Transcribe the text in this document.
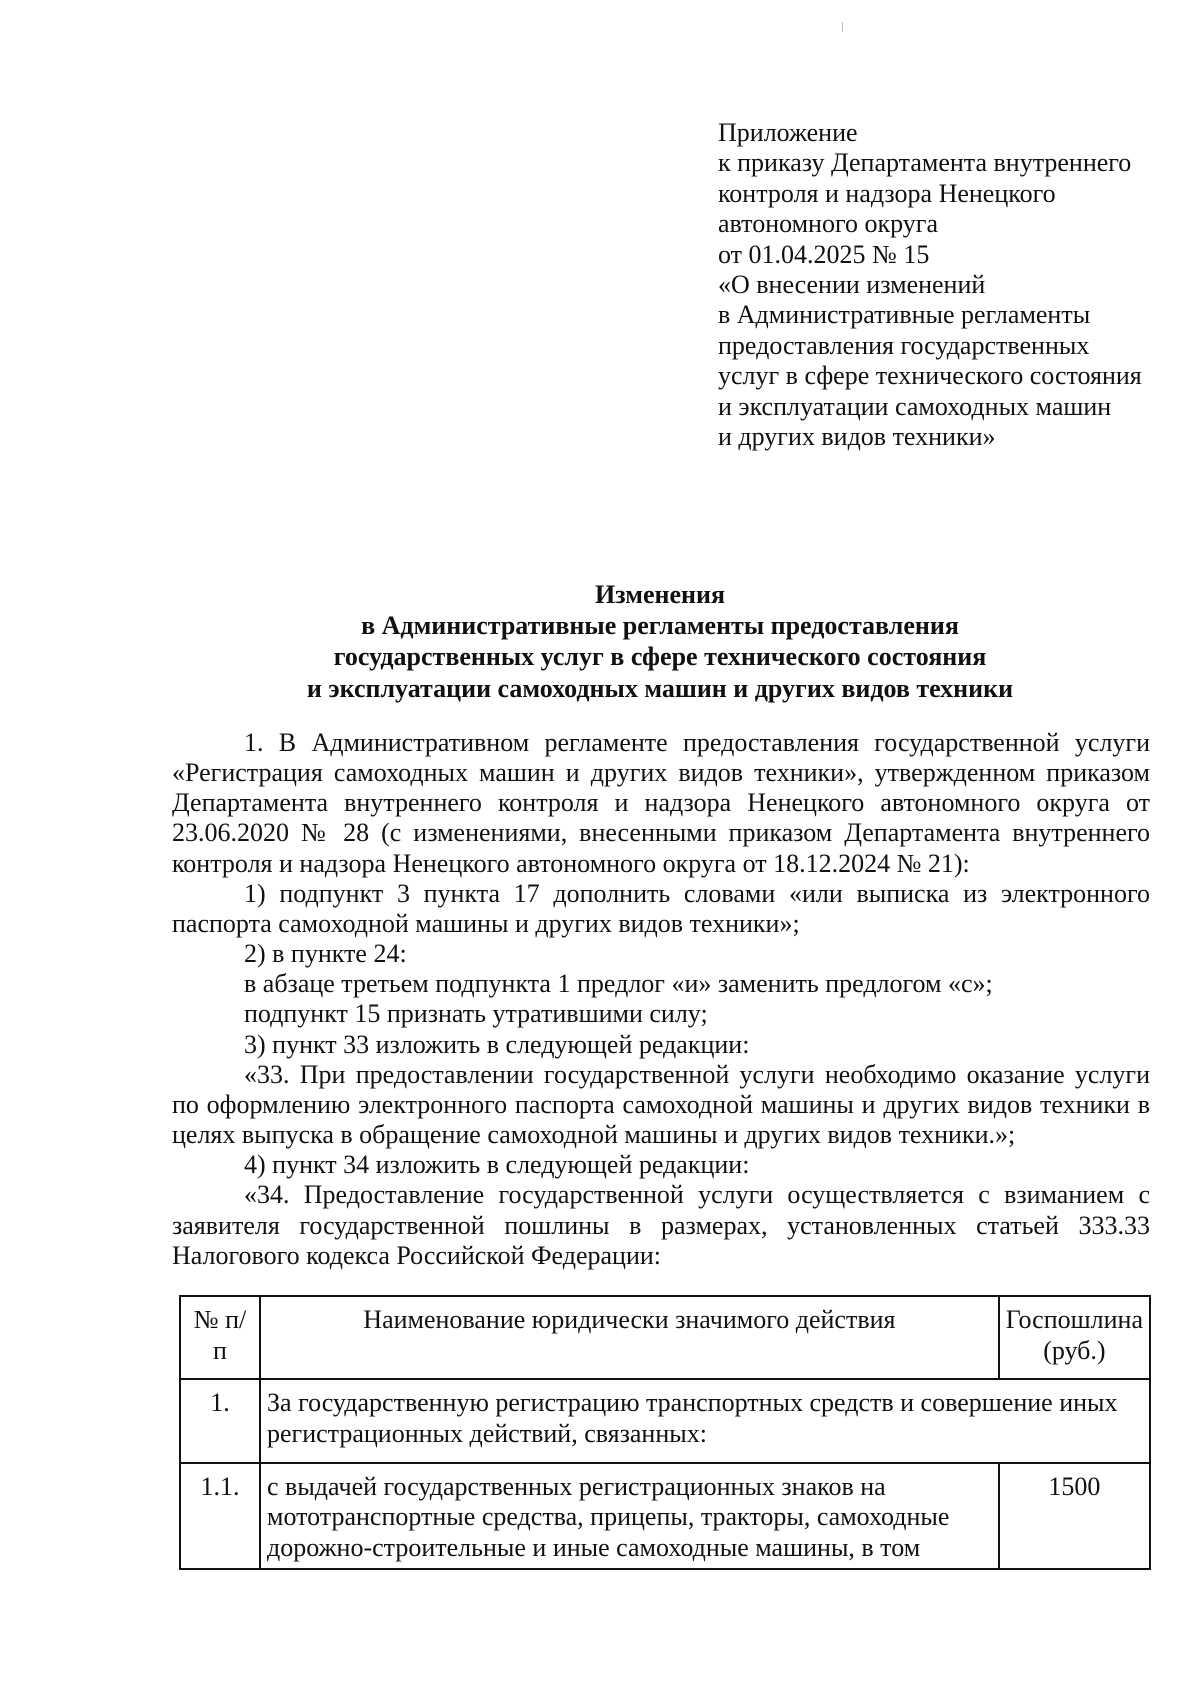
Приложение
к приказу Департамента внутреннего
контроля и надзора Ненецкого
автономного округа
от 01.04.2025 № 15
«О внесении изменений
в Административные регламенты
предоставления государственных
услуг в сфере технического состояния
и эксплуатации самоходных машин
и других видов техники»
Изменения
в Административные регламенты предоставления
государственных услуг в сфере технического состояния
и эксплуатации самоходных машин и других видов техники

1. В Административном регламенте предоставления государственной услуги «Регистрация самоходных машин и других видов техники», утвержденном приказом Департамента внутреннего контроля и надзора Ненецкого автономного округа от 23.06.2020 № 28 (с изменениями, внесенными приказом Департамента внутреннего контроля и надзора Ненецкого автономного округа от 18.12.2024 № 21):

1) подпункт 3 пункта 17 дополнить словами «или выписка из электронного паспорта самоходной машины и других видов техники»;

2) в пункте 24:

в абзаце третьем подпункта 1 предлог «и» заменить предлогом «с»;

подпункт 15 признать утратившими силу;

3) пункт 33 изложить в следующей редакции:

«33. При предоставлении государственной услуги необходимо оказание услуги по оформлению электронного паспорта самоходной машины и других видов техники в целях выпуска в обращение самоходной машины и других видов техники.»;

4) пункт 34 изложить в следующей редакции:

«34. Предоставление государственной услуги осуществляется с взиманием с заявителя государственной пошлины в размерах, установленных статьей 333.33 Налогового кодекса Российской Федерации:

№ п/п	Наименование юридически значимого действия	Госпошлина (руб.)
1.	За государственную регистрацию транспортных средств и совершение иных регистрационных действий, связанных:	
1.1.	с выдачей государственных регистрационных знаков на мототранспортные средства, прицепы, тракторы, самоходные дорожно-строительные и иные самоходные машины, в том	1500
